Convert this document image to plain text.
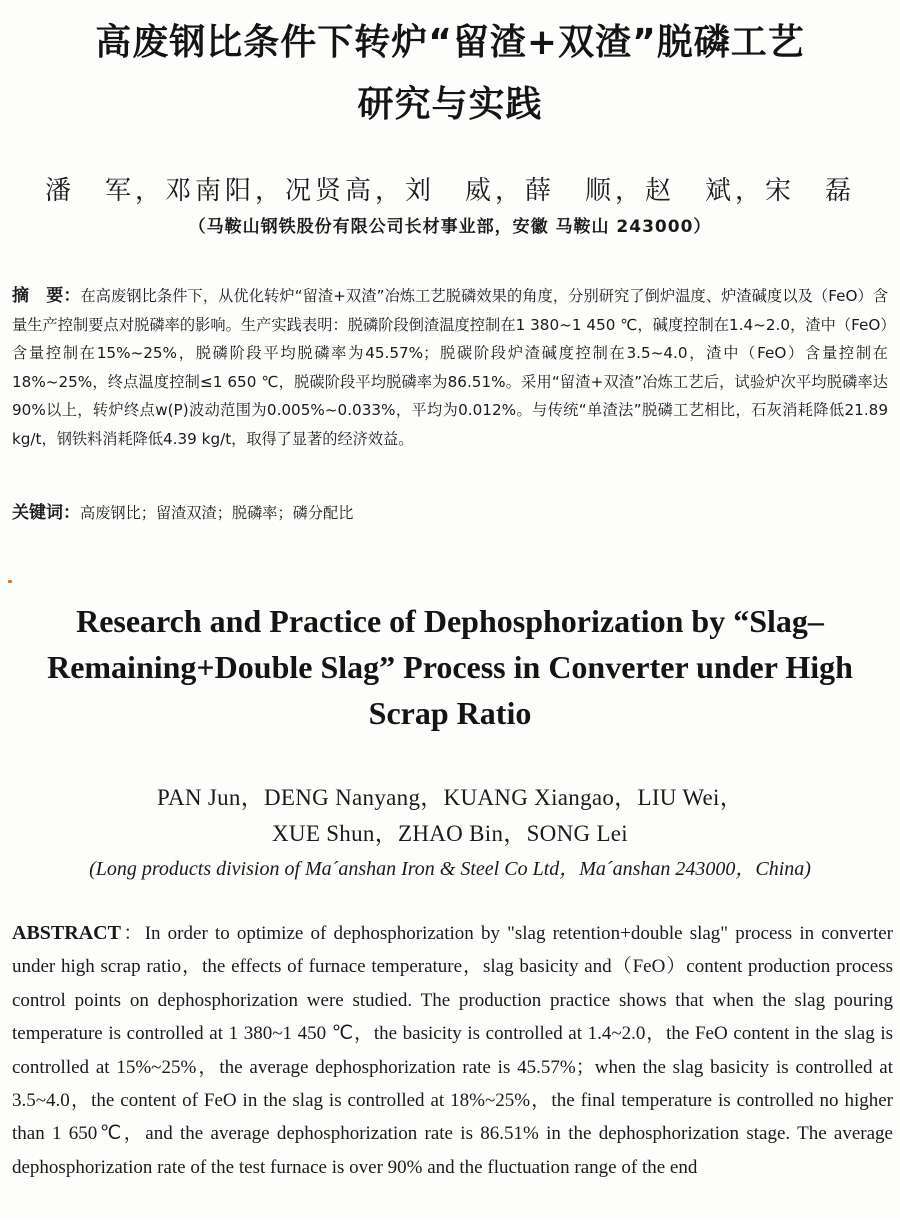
高废钢比条件下转炉“留渣+双渣”脱磷工艺
研究与实践
潘　军，邓南阳，况贤高，刘　威，薛　顺，赵　斌，宋　磊
（马鞍山钢铁股份有限公司长材事业部，安徽 马鞍山 243000）
摘　要：在高废钢比条件下，从优化转炉“留渣+双渣”冶炼工艺脱磷效果的角度，分别研究了倒炉温度、炉渣碱度以及（FeO）含量生产控制要点对脱磷率的影响。生产实践表明：脱磷阶段倒渣温度控制在1 380~1 450 ℃，碱度控制在1.4~2.0，渣中（FeO）含量控制在15%~25%，脱磷阶段平均脱磷率为45.57%；脱碳阶段炉渣碱度控制在3.5~4.0，渣中（FeO）含量控制在18%~25%，终点温度控制≤1 650 ℃，脱碳阶段平均脱磷率为86.51%。采用“留渣+双渣”冶炼工艺后，试验炉次平均脱磷率达90%以上，转炉终点w(P)波动范围为0.005%~0.033%，平均为0.012%。与传统“单渣法”脱磷工艺相比，石灰消耗降低21.89 kg/t，钢铁料消耗降低4.39 kg/t，取得了显著的经济效益。
关键词：高废钢比；留渣双渣；脱磷率；磷分配比
Research and Practice of Dephosphorization by “Slag–Remaining+Double Slag” Process in Converter under High Scrap Ratio
PAN Jun，DENG Nanyang，KUANG Xiangao，LIU Wei，
XUE Shun，ZHAO Bin，SONG Lei
(Long products division of Ma´anshan Iron & Steel Co Ltd，Ma´anshan 243000，China)
ABSTRACT：In order to optimize of dephosphorization by "slag retention+double slag" process in converter under high scrap ratio，the effects of furnace temperature，slag basicity and（FeO）content production process control points on dephosphorization were studied. The production practice shows that when the slag pouring temperature is controlled at 1 380~1 450 ℃，the basicity is controlled at 1.4~2.0，the FeO content in the slag is controlled at 15%~25%，the average dephosphorization rate is 45.57%；when the slag basicity is controlled at 3.5~4.0，the content of FeO in the slag is controlled at 18%~25%，the final temperature is controlled no higher than 1 650℃，and the average dephosphorization rate is 86.51% in the dephosphorization stage. The average dephosphorization rate of the test furnace is over 90% and the fluctuation range of the end
